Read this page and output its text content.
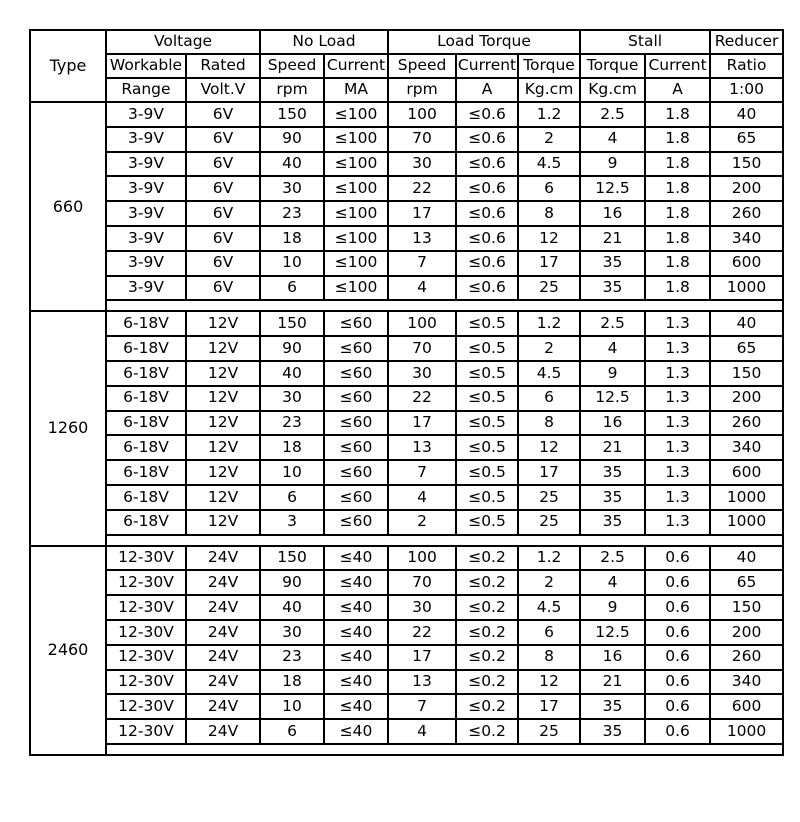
Type	Voltage		No Load		Load Torque			Stall		Reducer
	Workable	Rated	Speed	Current	Speed	Current	Torque	Torque	Current	Ratio
	Range	Volt.V	rpm	MA	rpm	A	Kg.cm	Kg.cm	A	1:00
660	3-9V	6V	150	≤100	100	≤0.6	1.2	2.5	1.8	40
	3-9V	6V	90	≤100	70	≤0.6	2	4	1.8	65
	3-9V	6V	40	≤100	30	≤0.6	4.5	9	1.8	150
	3-9V	6V	30	≤100	22	≤0.6	6	12.5	1.8	200
	3-9V	6V	23	≤100	17	≤0.6	8	16	1.8	260
	3-9V	6V	18	≤100	13	≤0.6	12	21	1.8	340
	3-9V	6V	10	≤100	7	≤0.6	17	35	1.8	600
	3-9V	6V	6	≤100	4	≤0.6	25	35	1.8	1000

1260	6-18V	12V	150	≤60	100	≤0.5	1.2	2.5	1.3	40
	6-18V	12V	90	≤60	70	≤0.5	2	4	1.3	65
	6-18V	12V	40	≤60	30	≤0.5	4.5	9	1.3	150
	6-18V	12V	30	≤60	22	≤0.5	6	12.5	1.3	200
	6-18V	12V	23	≤60	17	≤0.5	8	16	1.3	260
	6-18V	12V	18	≤60	13	≤0.5	12	21	1.3	340
	6-18V	12V	10	≤60	7	≤0.5	17	35	1.3	600
	6-18V	12V	6	≤60	4	≤0.5	25	35	1.3	1000
	6-18V	12V	3	≤60	2	≤0.5	25	35	1.3	1000

2460	12-30V	24V	150	≤40	100	≤0.2	1.2	2.5	0.6	40
	12-30V	24V	90	≤40	70	≤0.2	2	4	0.6	65
	12-30V	24V	40	≤40	30	≤0.2	4.5	9	0.6	150
	12-30V	24V	30	≤40	22	≤0.2	6	12.5	0.6	200
	12-30V	24V	23	≤40	17	≤0.2	8	16	0.6	260
	12-30V	24V	18	≤40	13	≤0.2	12	21	0.6	340
	12-30V	24V	10	≤40	7	≤0.2	17	35	0.6	600
	12-30V	24V	6	≤40	4	≤0.2	25	35	0.6	1000
